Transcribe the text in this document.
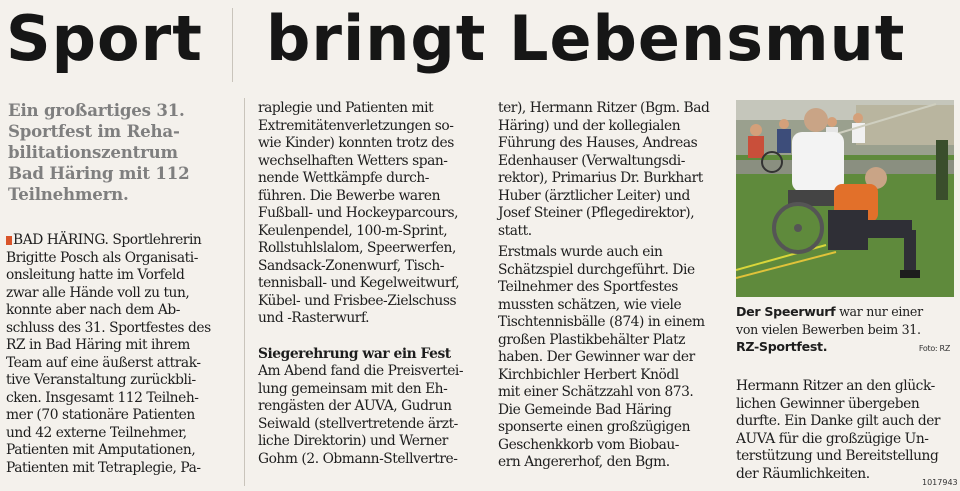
Sport bringt Lebensmut
Ein großartiges 31.
Sportfest im Reha-
bilitationszentrum
Bad Häring mit 112
Teilnehmern.

BAD HÄRING. Sportlehrerin

Brigitte Posch als Organisati-

onsleitung hatte im Vorfeld

zwar alle Hände voll zu tun,

konnte aber nach dem Ab-

schluss des 31. Sportfestes des

RZ in Bad Häring mit ihrem

Team auf eine äußerst attrak-

tive Veranstaltung zurückbli-

cken. Insgesamt 112 Teilneh-

mer (70 stationäre Patienten

und 42 externe Teilnehmer,

Patienten mit Amputationen,

Patienten mit Tetraplegie, Pa-

raplegie und Patienten mit

Extremitätenverletzungen so-

wie Kinder) konnten trotz des

wechselhaften Wetters span-

nende Wettkämpfe durch-

führen. Die Bewerbe waren

Fußball- und Hockeyparcours,

Keulenpendel, 100-m-Sprint,

Rollstuhlslalom, Speerwerfen,

Sandsack-Zonenwurf, Tisch-

tennisball- und Kegelweitwurf,

Kübel- und Frisbee-Zielschuss

und -Rasterwurf.

Siegerehrung war ein Fest

Am Abend fand die Preisvertei-

lung gemeinsam mit den Eh-

rengästen der AUVA, Gudrun

Seiwald (stellvertretende ärzt-

liche Direktorin) und Werner

Gohm (2. Obmann-Stellvertre-

ter), Hermann Ritzer (Bgm. Bad

Häring) und der kollegialen

Führung des Hauses, Andreas

Edenhauser (Verwaltungsdi-

rektor), Primarius Dr. Burkhart

Huber (ärztlicher Leiter) und

Josef Steiner (Pflegedirektor),

statt.

Erstmals wurde auch ein

Schätzspiel durchgeführt. Die

Teilnehmer des Sportfestes

mussten schätzen, wie viele

Tischtennisbälle (874) in einem

großen Plastikbehälter Platz

haben. Der Gewinner war der

Kirchbichler Herbert Knödl

mit einer Schätzzahl von 873.

Die Gemeinde Bad Häring

sponserte einen großzügigen

Geschenkkorb vom Biobau-

ern Angererhof, den Bgm.

Der Speerwurf war nur einer
von vielen Bewerben beim 31.
RZ-Sportfest.	Foto: RZ

Hermann Ritzer an den glück-

lichen Gewinner übergeben

durfte. Ein Danke gilt auch der

AUVA für die großzügige Un-

terstützung und Bereitstellung

der Räumlichkeiten.

1017943
